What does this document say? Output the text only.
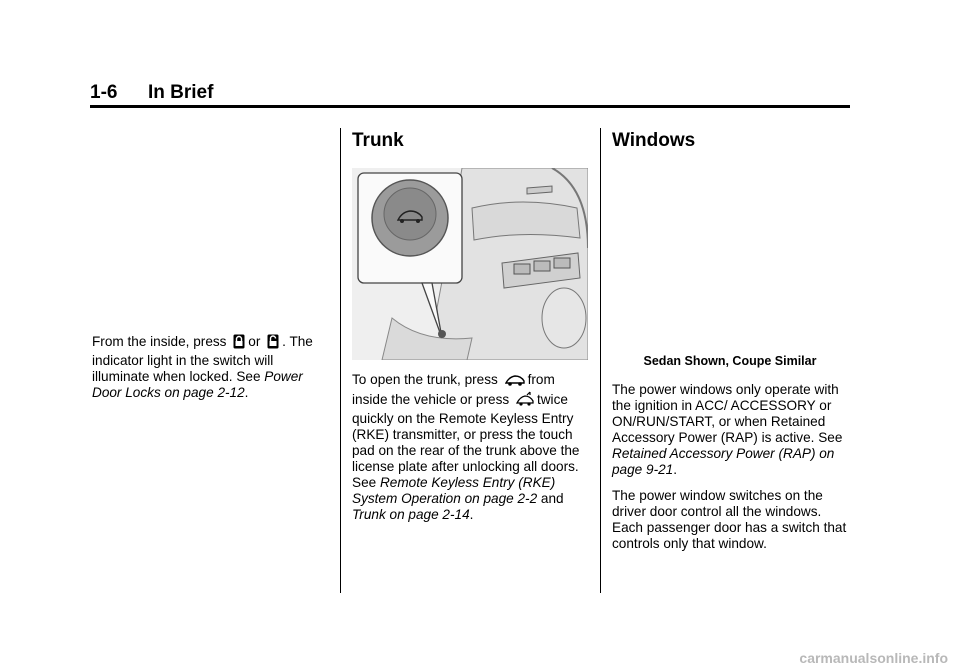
1-6 In Brief

From the inside, press or . The indicator light in the switch will illuminate when locked. See Power Door Locks on page 2-12.

Trunk

To open the trunk, press from inside the vehicle or press twice quickly on the Remote Keyless Entry (RKE) transmitter, or press the touch pad on the rear of the trunk above the license plate after unlocking all doors. See Remote Keyless Entry (RKE) System Operation on page 2-2 and Trunk on page 2-14.

Windows
Sedan Shown, Coupe Similar

The power windows only operate with the ignition in ACC/ ACCESSORY or ON/RUN/START, or when Retained Accessory Power (RAP) is active. See Retained Accessory Power (RAP) on page 9-21.

The power window switches on the driver door control all the windows. Each passenger door has a switch that controls only that window.

carmanualsonline.info
